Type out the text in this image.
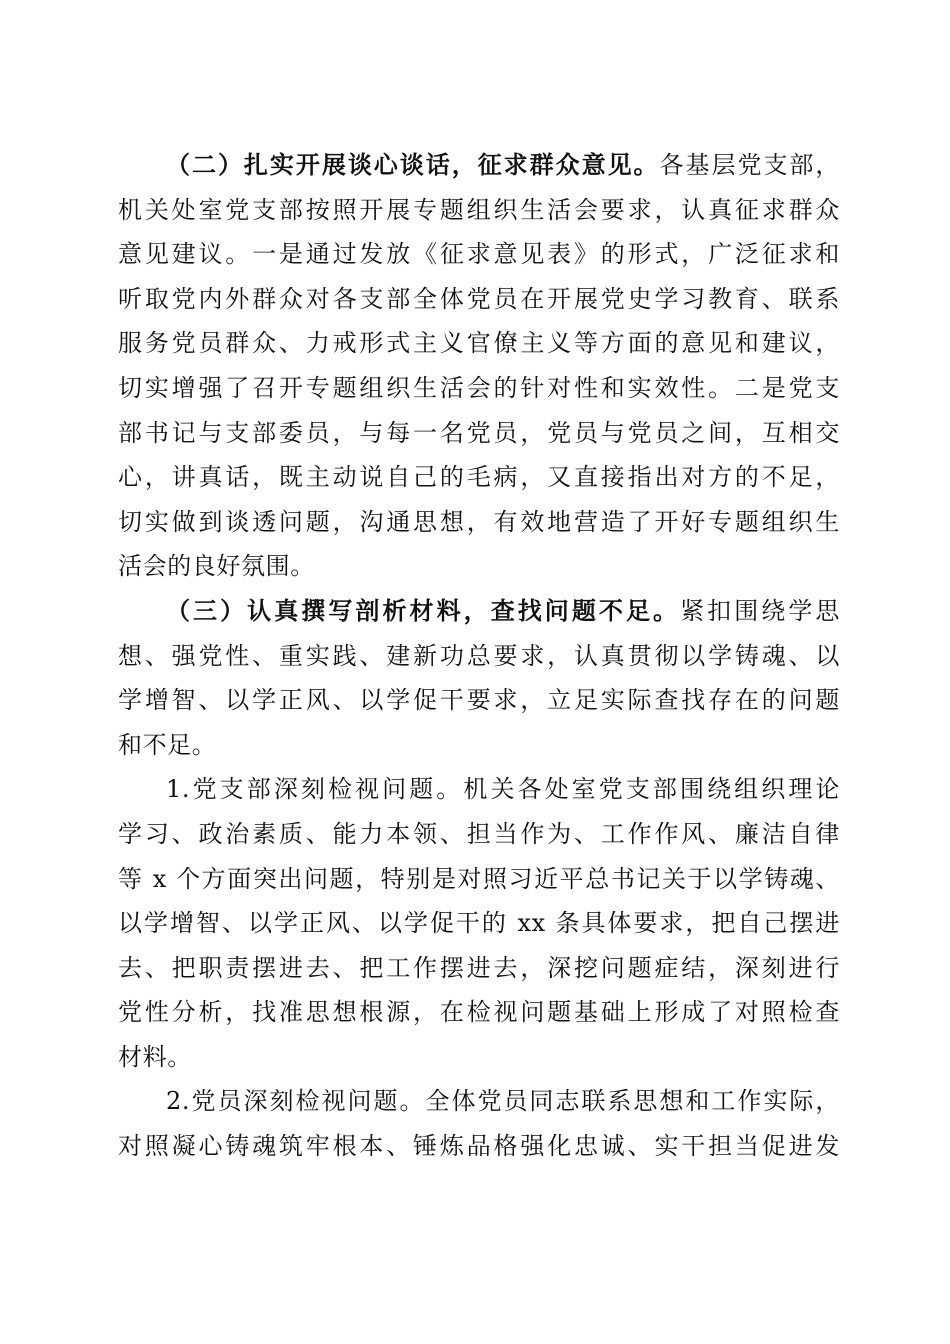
（二）扎实开展谈心谈话，征求群众意见。各基层党支部，
机关处室党支部按照开展专题组织生活会要求，认真征求群众
意见建议。一是通过发放《征求意见表》的形式，广泛征求和
听取党内外群众对各支部全体党员在开展党史学习教育、联系
服务党员群众、力戒形式主义官僚主义等方面的意见和建议，
切实增强了召开专题组织生活会的针对性和实效性。二是党支
部书记与支部委员，与每一名党员，党员与党员之间，互相交
心，讲真话，既主动说自己的毛病，又直接指出对方的不足，
切实做到谈透问题，沟通思想，有效地营造了开好专题组织生
活会的良好氛围。
（三）认真撰写剖析材料，查找问题不足。紧扣围绕学思
想、强党性、重实践、建新功总要求，认真贯彻以学铸魂、以
学增智、以学正风、以学促干要求，立足实际查找存在的问题
和不足。
1.党支部深刻检视问题。机关各处室党支部围绕组织理论
学习、政治素质、能力本领、担当作为、工作作风、廉洁自律
等 x 个方面突出问题，特别是对照习近平总书记关于以学铸魂、
以学增智、以学正风、以学促干的 xx 条具体要求，把自己摆进
去、把职责摆进去、把工作摆进去，深挖问题症结，深刻进行
党性分析，找准思想根源，在检视问题基础上形成了对照检查
材料。
2.党员深刻检视问题。全体党员同志联系思想和工作实际，
对照凝心铸魂筑牢根本、锤炼品格强化忠诚、实干担当促进发
